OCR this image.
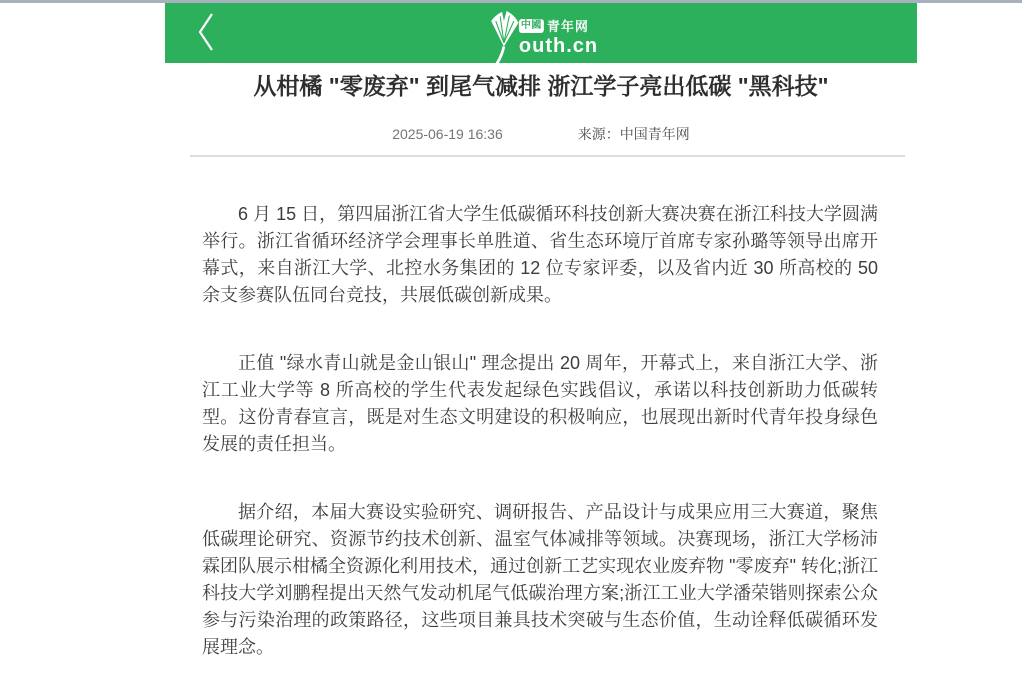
中國 青年网
outh.cn
从柑橘 "零废弃" 到尾气减排 浙江学子亮出低碳 "黑科技"
2025-06-19 16:36	来源：中国青年网

6 月 15 日，第四届浙江省大学生低碳循环科技创新大赛决赛在浙江科技大学圆满举行。浙江省循环经济学会理事长单胜道、省生态环境厅首席专家孙璐等领导出席开幕式，来自浙江大学、北控水务集团的 12 位专家评委，以及省内近 30 所高校的 50 余支参赛队伍同台竞技，共展低碳创新成果。

正值 "绿水青山就是金山银山" 理念提出 20 周年，开幕式上，来自浙江大学、浙江工业大学等 8 所高校的学生代表发起绿色实践倡议，承诺以科技创新助力低碳转型。这份青春宣言，既是对生态文明建设的积极响应，也展现出新时代青年投身绿色发展的责任担当。

据介绍，本届大赛设实验研究、调研报告、产品设计与成果应用三大赛道，聚焦低碳理论研究、资源节约技术创新、温室气体减排等领域。决赛现场，浙江大学杨沛霖团队展示柑橘全资源化利用技术，通过创新工艺实现农业废弃物 "零废弃" 转化;浙江科技大学刘鹏程提出天然气发动机尾气低碳治理方案;浙江工业大学潘荣锴则探索公众参与污染治理的政策路径，这些项目兼具技术突破与生态价值，生动诠释低碳循环发展理念。
